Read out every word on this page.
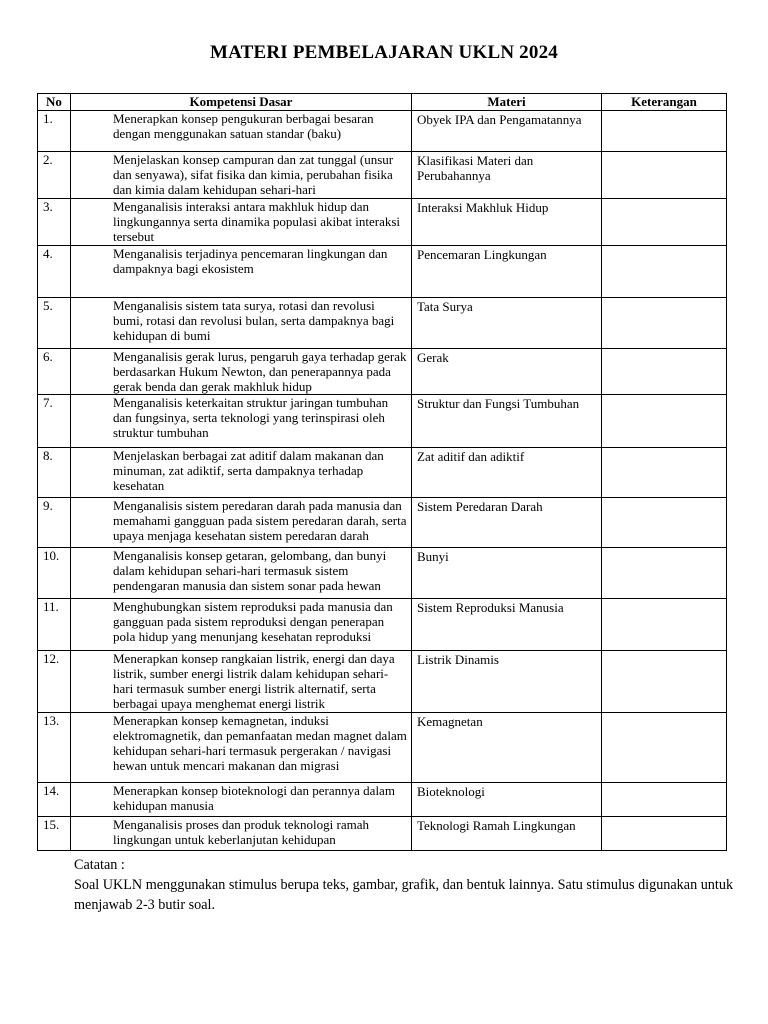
MATERI PEMBELAJARAN UKLN 2024
No	Kompetensi Dasar	Materi	Keterangan
1.	Menerapkan konsep pengukuran berbagai besaran dengan menggunakan satuan standar (baku)	Obyek IPA dan Pengamatannya	
2.	Menjelaskan konsep campuran dan zat tunggal (unsur dan senyawa), sifat fisika dan kimia, perubahan fisika dan kimia dalam kehidupan sehari-hari	Klasifikasi Materi dan Perubahannya	
3.	Menganalisis interaksi antara makhluk hidup dan lingkungannya serta dinamika populasi akibat interaksi tersebut	Interaksi Makhluk Hidup	
4.	Menganalisis terjadinya pencemaran lingkungan dan dampaknya bagi ekosistem	Pencemaran Lingkungan	
5.	Menganalisis sistem tata surya, rotasi dan revolusi bumi, rotasi dan revolusi bulan, serta dampaknya bagi kehidupan di bumi	Tata Surya	
6.	Menganalisis gerak lurus, pengaruh gaya terhadap gerak berdasarkan Hukum Newton, dan penerapannya pada gerak benda dan gerak makhluk hidup	Gerak	
7.	Menganalisis keterkaitan struktur jaringan tumbuhan dan fungsinya, serta teknologi yang terinspirasi oleh struktur tumbuhan	Struktur dan Fungsi Tumbuhan	
8.	Menjelaskan berbagai zat aditif dalam makanan dan minuman, zat adiktif, serta dampaknya terhadap kesehatan	Zat aditif dan adiktif	
9.	Menganalisis sistem peredaran darah pada manusia dan memahami gangguan pada sistem peredaran darah, serta upaya menjaga kesehatan sistem peredaran darah	Sistem Peredaran Darah	
10.	Menganalisis konsep getaran, gelombang, dan bunyi dalam kehidupan sehari-hari termasuk sistem pendengaran manusia dan sistem sonar pada hewan	Bunyi	
11.	Menghubungkan sistem reproduksi pada manusia dan gangguan pada sistem reproduksi dengan penerapan pola hidup yang menunjang kesehatan reproduksi	Sistem Reproduksi Manusia	
12.	Menerapkan konsep rangkaian listrik, energi dan daya listrik, sumber energi listrik dalam kehidupan sehari-hari termasuk sumber energi listrik alternatif, serta berbagai upaya menghemat energi listrik	Listrik Dinamis	
13.	Menerapkan konsep kemagnetan, induksi elektromagnetik, dan pemanfaatan medan magnet dalam kehidupan sehari-hari termasuk pergerakan / navigasi hewan untuk mencari makanan dan migrasi	Kemagnetan	
14.	Menerapkan konsep bioteknologi dan perannya dalam kehidupan manusia	Bioteknologi	
15.	Menganalisis proses dan produk teknologi ramah lingkungan untuk keberlanjutan kehidupan	Teknologi Ramah Lingkungan	

Catatan :

Soal UKLN menggunakan stimulus berupa teks, gambar, grafik, dan bentuk lainnya. Satu stimulus digunakan untuk menjawab 2-3 butir soal.
